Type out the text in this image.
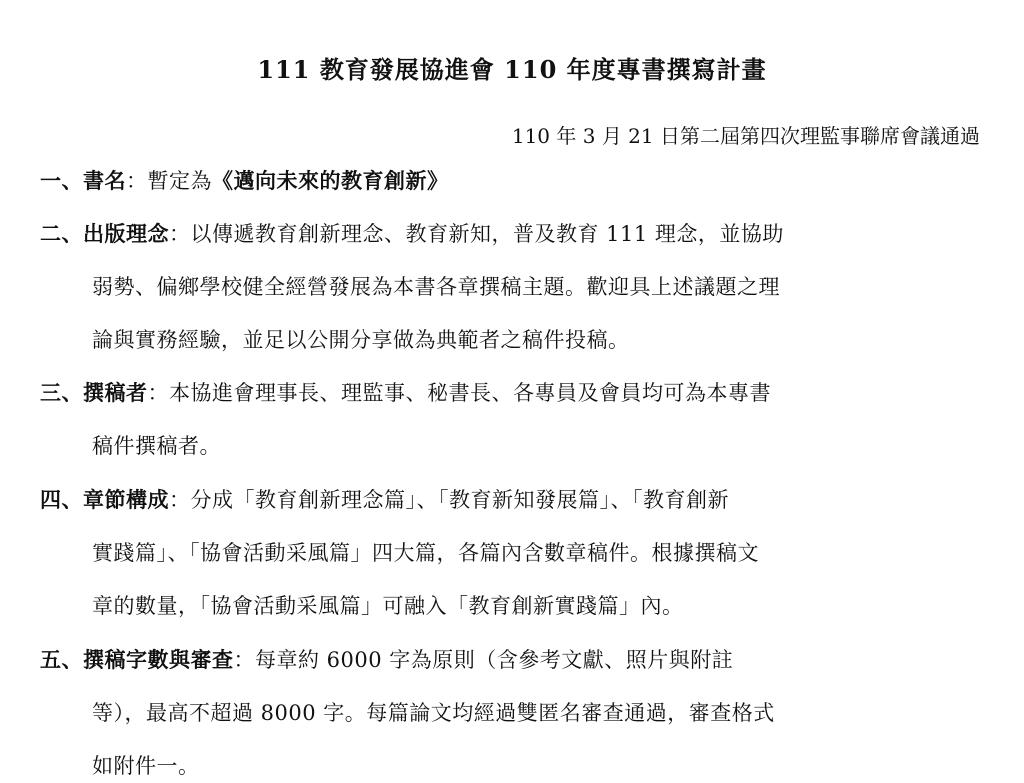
111 教育發展協進會 110 年度專書撰寫計畫
110 年 3 月 21 日第二屆第四次理監事聯席會議通過
一、書名：暫定為《邁向未來的教育創新》
二、出版理念：以傳遞教育創新理念、教育新知，普及教育 111 理念，並協助
弱勢、偏鄉學校健全經營發展為本書各章撰稿主題。歡迎具上述議題之理
論與實務經驗，並足以公開分享做為典範者之稿件投稿。
三、撰稿者：本協進會理事長、理監事、秘書長、各專員及會員均可為本專書
稿件撰稿者。
四、章節構成：分成「教育創新理念篇」、「教育新知發展篇」、「教育創新
實踐篇」、「協會活動采風篇」四大篇，各篇內含數章稿件。根據撰稿文
章的數量，「協會活動采風篇」可融入「教育創新實踐篇」內。
五、撰稿字數與審查：每章約 6000 字為原則（含參考文獻、照片與附註
等），最高不超過 8000 字。每篇論文均經過雙匿名審查通過，審查格式
如附件一。
